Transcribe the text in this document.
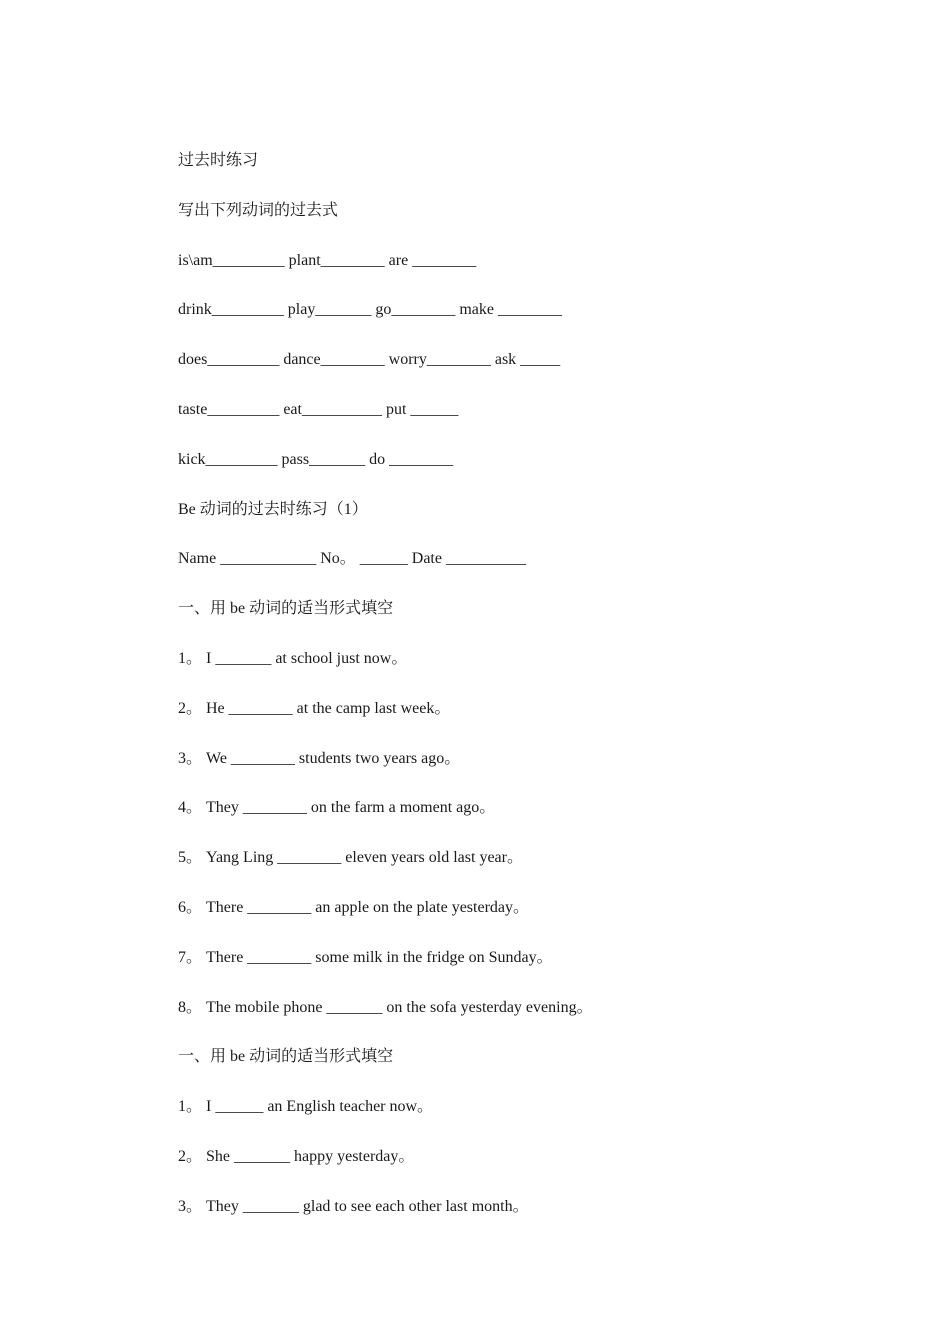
过去时练习
写出下列动词的过去式
is\am_________ plant________ are ________
drink_________ play_______ go________ make ________
does_________ dance________ worry________ ask _____
taste_________ eat__________ put ______
kick_________ pass_______ do ________
Be 动词的过去时练习（1）
Name ____________ No。 ______ Date __________
一、用 be 动词的适当形式填空
1。 I _______ at school just now。
2。 He ________ at the camp last week。
3。 We ________ students two years ago。
4。 They ________ on the farm a moment ago。
5。 Yang Ling ________ eleven years old last year。
6。 There ________ an apple on the plate yesterday。
7。 There ________ some milk in the fridge on Sunday。
8。 The mobile phone _______ on the sofa yesterday evening。
一、用 be 动词的适当形式填空
1。 I ______ an English teacher now。
2。 She _______ happy yesterday。
3。 They _______ glad to see each other last month。
